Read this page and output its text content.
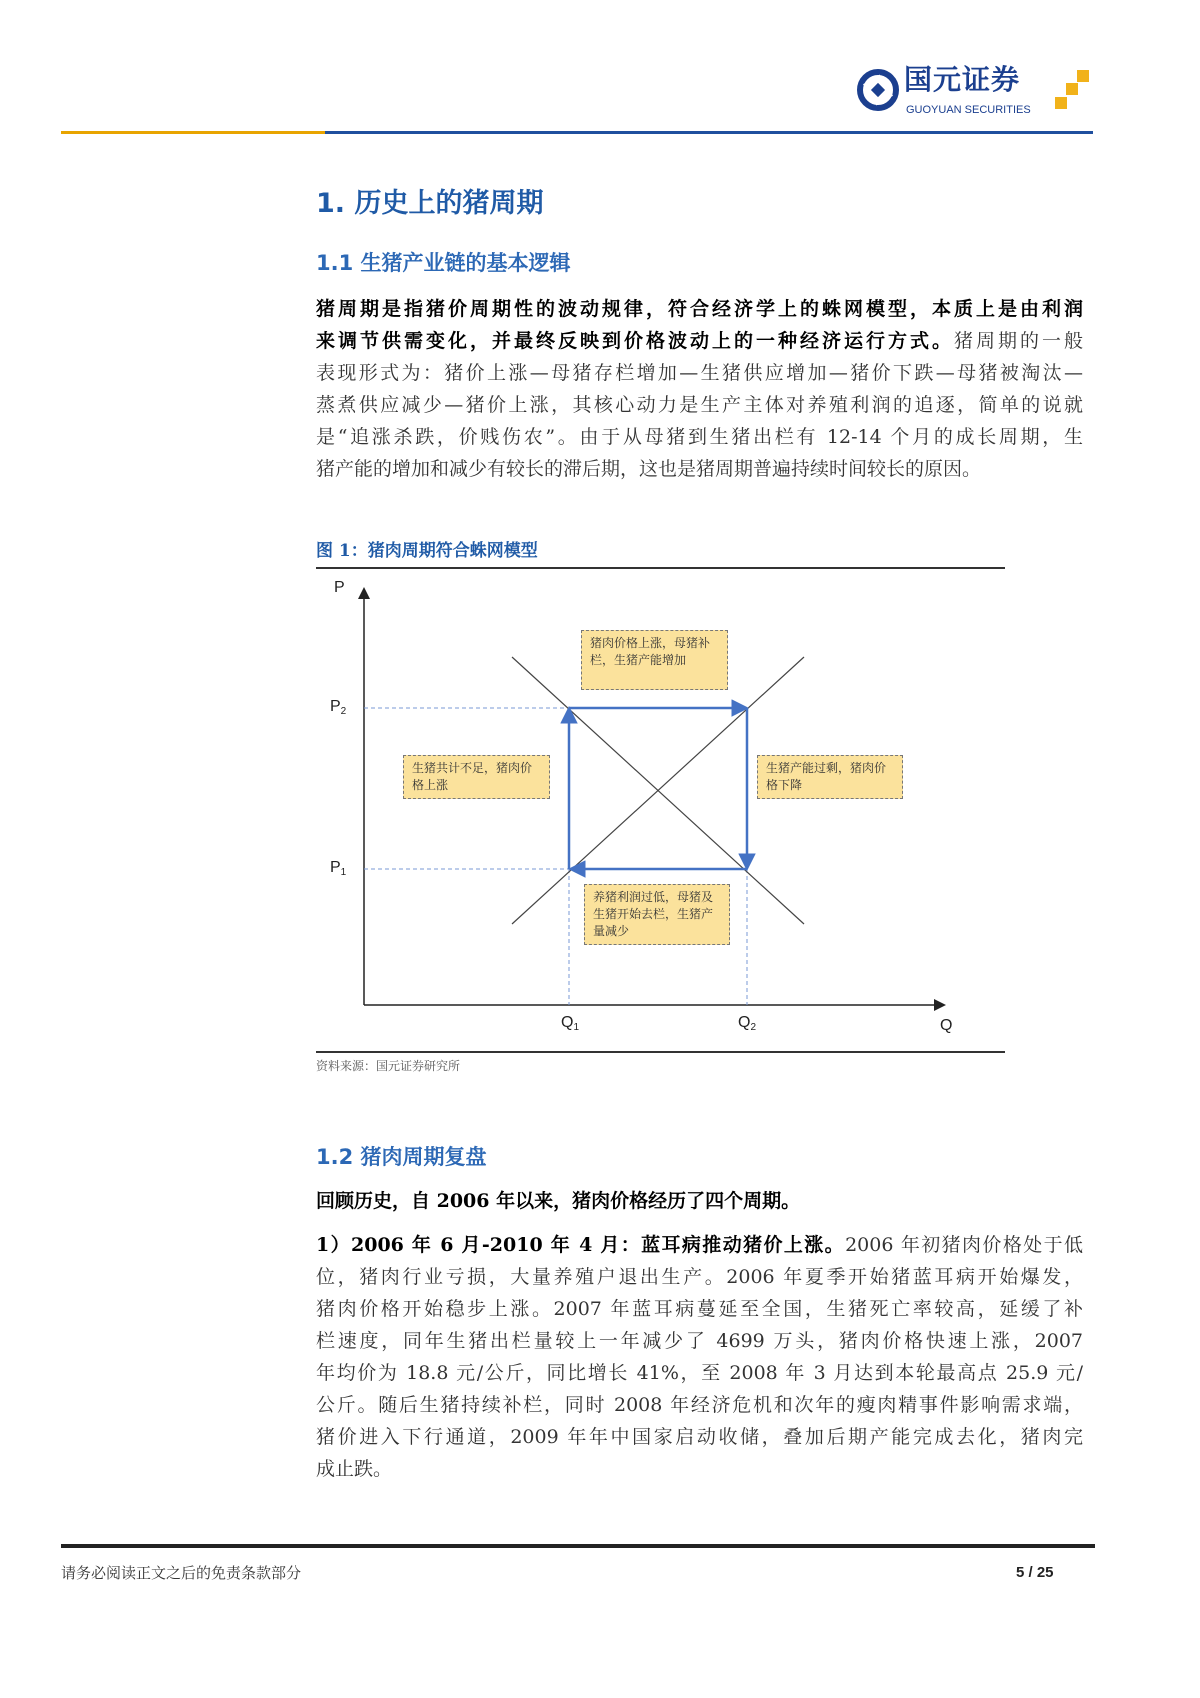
国元证券
GUOYUAN SECURITIES
1. 历史上的猪周期
1.1 生猪产业链的基本逻辑
猪周期是指猪价周期性的波动规律，符合经济学上的蛛网模型，本质上是由利润
来调节供需变化，并最终反映到价格波动上的一种经济运行方式。猪周期的一般
表现形式为：猪价上涨—母猪存栏增加—生猪供应增加—猪价下跌—母猪被淘汰—
蒸煮供应减少—猪价上涨，其核心动力是生产主体对养殖利润的追逐，简单的说就
是“追涨杀跌，价贱伤农”。由于从母猪到生猪出栏有 12-14 个月的成长周期，生
猪产能的增加和减少有较长的滞后期，这也是猪周期普遍持续时间较长的原因。
图 1：猪肉周期符合蛛网模型
P
$P_2$
$P_1$
$Q_1$	$Q_2$	Q
猪肉价格上涨，母猪补栏，生猪产能增加
生猪共计不足，猪肉价格上涨
生猪产能过剩，猪肉价格下降
养猪利润过低，母猪及生猪开始去栏，生猪产量减少
资料来源：国元证券研究所
1.2 猪肉周期复盘
回顾历史，自 2006 年以来，猪肉价格经历了四个周期。
1）2006 年 6 月-2010 年 4 月：蓝耳病推动猪价上涨。2006 年初猪肉价格处于低
位，猪肉行业亏损，大量养殖户退出生产。2006 年夏季开始猪蓝耳病开始爆发，
猪肉价格开始稳步上涨。2007 年蓝耳病蔓延至全国，生猪死亡率较高，延缓了补
栏速度，同年生猪出栏量较上一年减少了 4699 万头，猪肉价格快速上涨，2007
年均价为 18.8 元/公斤，同比增长 41%，至 2008 年 3 月达到本轮最高点 25.9 元/
公斤。随后生猪持续补栏，同时 2008 年经济危机和次年的瘦肉精事件影响需求端，
猪价进入下行通道，2009 年年中国家启动收储，叠加后期产能完成去化，猪肉完
成止跌。
请务必阅读正文之后的免责条款部分	5 / 25
